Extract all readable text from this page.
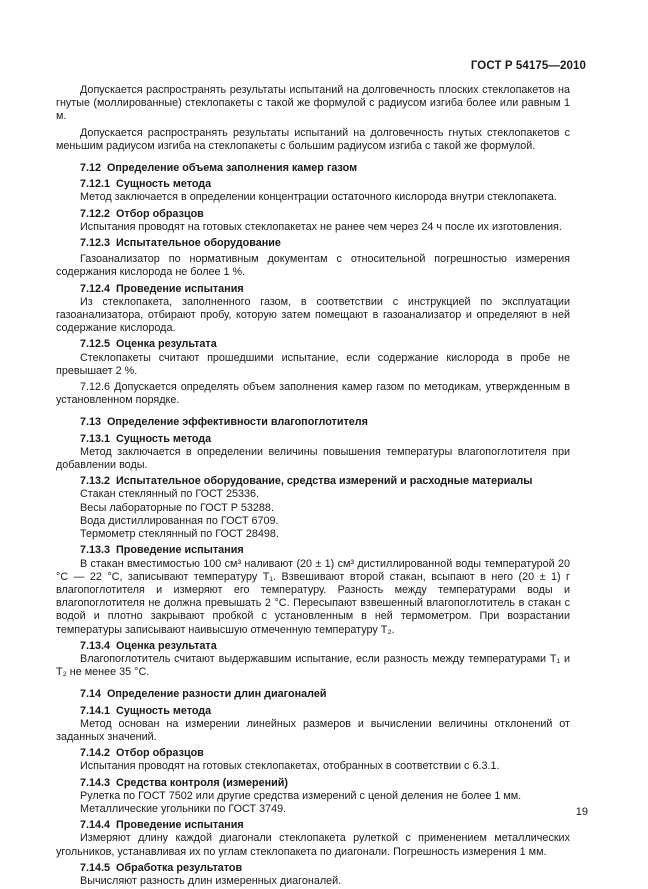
ГОСТ Р 54175—2010

Допускается распространять результаты испытаний на долговечность плоских стеклопакетов на гнутые (моллированные) стеклопакеты с такой же формулой с радиусом изгиба более или равным 1 м.

Допускается распространять результаты испытаний на долговечность гнутых стеклопакетов с меньшим радиусом изгиба на стеклопакеты с большим радиусом изгиба с такой же формулой.

7.12 Определение объема заполнения камер газом

7.12.1 Сущность метода

Метод заключается в определении концентрации остаточного кислорода внутри стеклопакета.

7.12.2 Отбор образцов

Испытания проводят на готовых стеклопакетах не ранее чем через 24 ч после их изготовления.

7.12.3 Испытательное оборудование

Газоанализатор по нормативным документам с относительной погрешностью измерения содержания кислорода не более 1 %.

7.12.4 Проведение испытания

Из стеклопакета, заполненного газом, в соответствии с инструкцией по эксплуатации газоанализатора, отбирают пробу, которую затем помещают в газоанализатор и определяют в ней содержание кислорода.

7.12.5 Оценка результата

Стеклопакеты считают прошедшими испытание, если содержание кислорода в пробе не превышает 2 %.

7.12.6 Допускается определять объем заполнения камер газом по методикам, утвержденным в установленном порядке.

7.13 Определение эффективности влагопоглотителя

7.13.1 Сущность метода

Метод заключается в определении величины повышения температуры влагопоглотителя при добавлении воды.

7.13.2 Испытательное оборудование, средства измерений и расходные материалы

Стакан стеклянный по ГОСТ 25336.

Весы лабораторные по ГОСТ Р 53288.

Вода дистиллированная по ГОСТ 6709.

Термометр стеклянный по ГОСТ 28498.

7.13.3 Проведение испытания

В стакан вместимостью 100 см³ наливают (20 ± 1) см³ дистиллированной воды температурой 20 °С — 22 °С, записывают температуру T₁. Взвешивают второй стакан, всыпают в него (20 ± 1) г влагопоглотителя и измеряют его температуру. Разность между температурами воды и влагопоглотителя не должна превышать 2 °С. Пересыпают взвешенный влагопоглотитель в стакан с водой и плотно закрывают пробкой с установленным в ней термометром. При возрастании температуры записывают наивысшую отмеченную температуру T₂.

7.13.4 Оценка результата

Влагопоглотитель считают выдержавшим испытание, если разность между температурами T₁ и T₂ не менее 35 °С.

7.14 Определение разности длин диагоналей

7.14.1 Сущность метода

Метод основан на измерении линейных размеров и вычислении величины отклонений от заданных значений.

7.14.2 Отбор образцов

Испытания проводят на готовых стеклопакетах, отобранных в соответствии с 6.3.1.

7.14.3 Средства контроля (измерений)

Рулетка по ГОСТ 7502 или другие средства измерений с ценой деления не более 1 мм.

Металлические угольники по ГОСТ 3749.

7.14.4 Проведение испытания

Измеряют длину каждой диагонали стеклопакета рулеткой с применением металлических угольников, устанавливая их по углам стеклопакета по диагонали. Погрешность измерения 1 мм.

7.14.5 Обработка результатов

Вычисляют разность длин измеренных диагоналей.

19
